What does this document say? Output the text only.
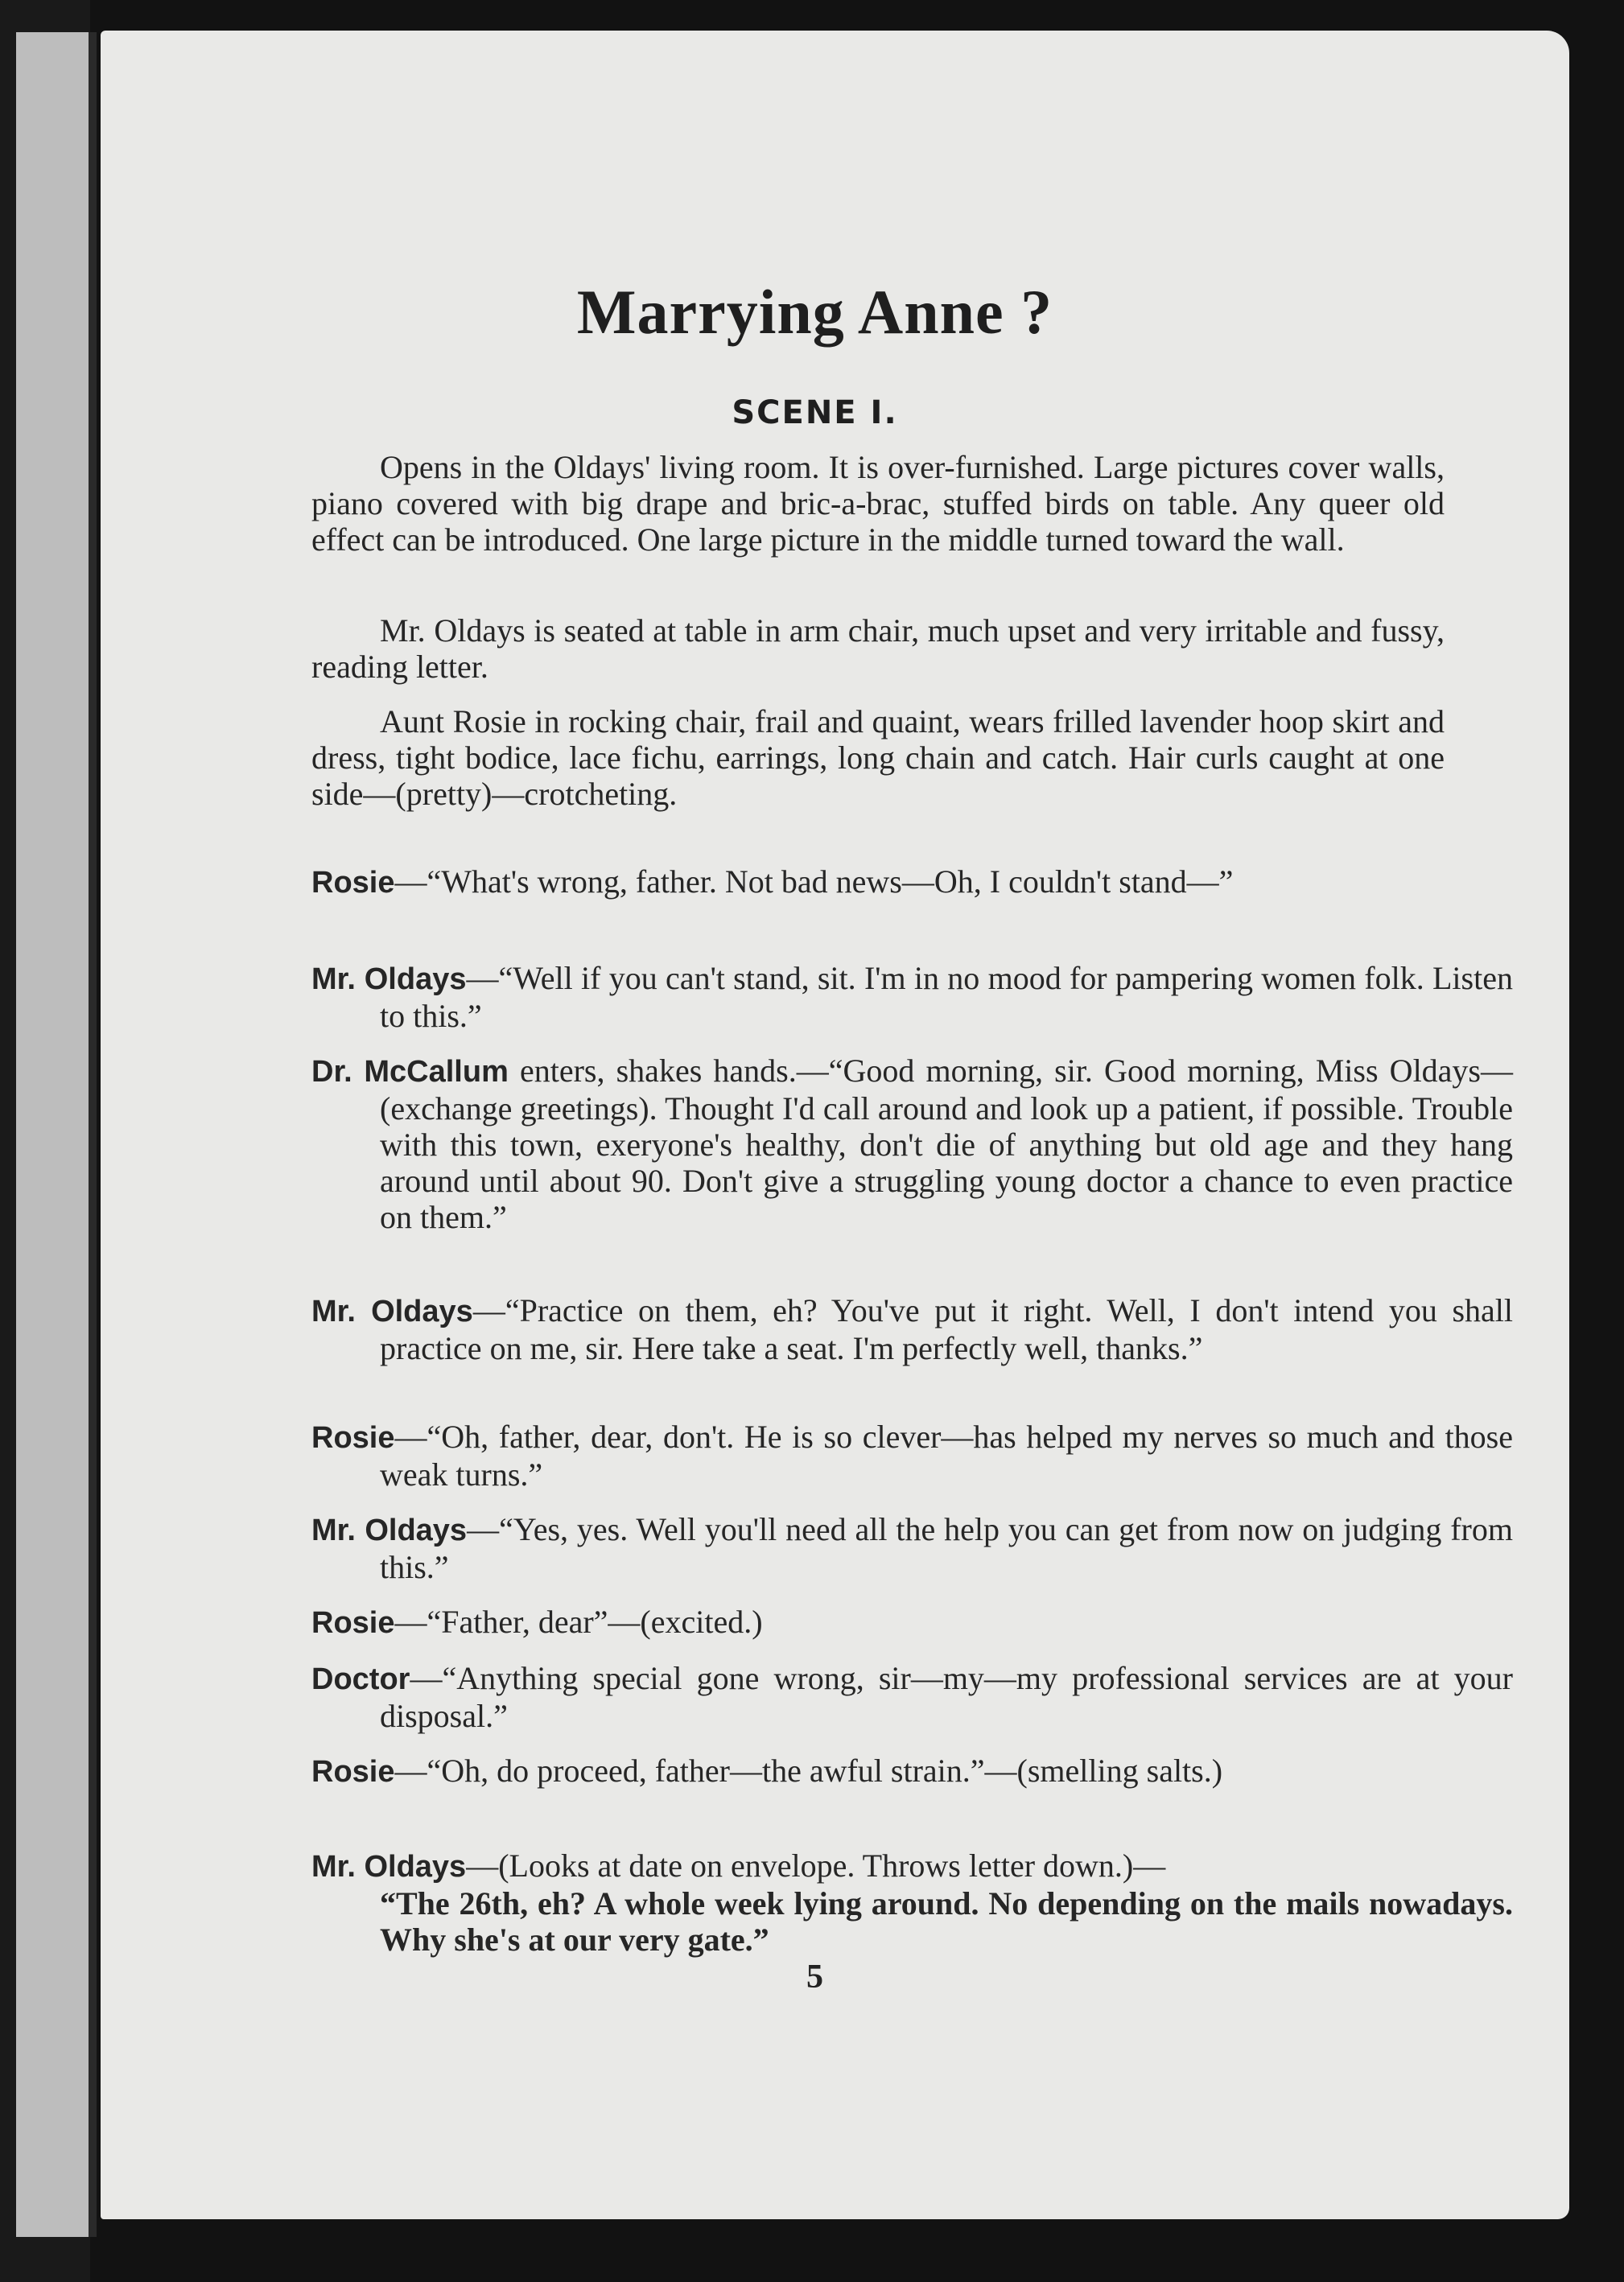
Marrying Anne ?
SCENE I.

Opens in the Oldays' living room. It is over-furnished. Large pictures cover walls, piano covered with big drape and bric-a-brac, stuffed birds on table. Any queer old effect can be introduced. One large picture in the middle turned toward the wall.

Mr. Oldays is seated at table in arm chair, much upset and very irritable and fussy, reading letter.

Aunt Rosie in rocking chair, frail and quaint, wears frilled lavender hoop skirt and dress, tight bodice, lace fichu, earrings, long chain and catch. Hair curls caught at one side—(pretty)—crotcheting.

Rosie—“What's wrong, father. Not bad news—Oh, I couldn't stand—”

Mr. Oldays—“Well if you can't stand, sit. I'm in no mood for pampering women folk. Listen to this.”

Dr. McCallum enters, shakes hands.—“Good morning, sir. Good morning, Miss Oldays—(exchange greetings). Thought I'd call around and look up a patient, if possible. Trouble with this town, exeryone's healthy, don't die of anything but old age and they hang around until about 90. Don't give a struggling young doctor a chance to even practice on them.”

Mr. Oldays—“Practice on them, eh? You've put it right. Well, I don't intend you shall practice on me, sir. Here take a seat. I'm perfectly well, thanks.”

Rosie—“Oh, father, dear, don't. He is so clever—has helped my nerves so much and those weak turns.”

Mr. Oldays—“Yes, yes. Well you'll need all the help you can get from now on judging from this.”

Rosie—“Father, dear”—(excited.)

Doctor—“Anything special gone wrong, sir—my—my professional services are at your disposal.”

Rosie—“Oh, do proceed, father—the awful strain.”—(smelling salts.)

Mr. Oldays—(Looks at date on envelope. Throws letter down.)—
“The 26th, eh? A whole week lying around. No depending on the mails nowadays. Why she's at our very gate.”

5
